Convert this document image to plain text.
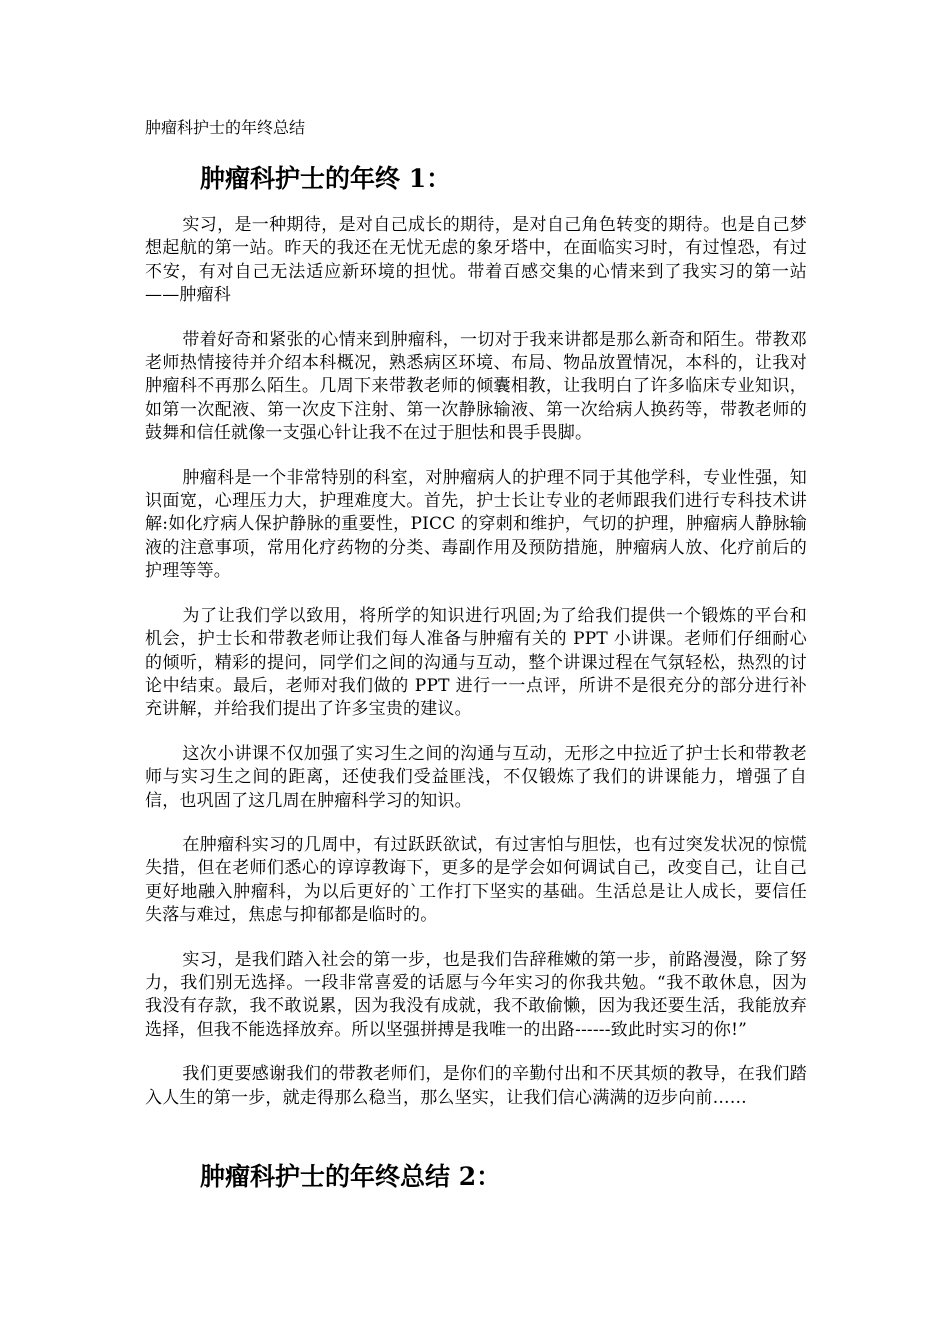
肿瘤科护士的年终总结
肿瘤科护士的年终 1：

实习，是一种期待，是对自己成长的期待，是对自己角色转变的期待。也是自己梦想起航的第一站。昨天的我还在无忧无虑的象牙塔中，在面临实习时，有过惶恐，有过不安，有对自己无法适应新环境的担忧。带着百感交集的心情来到了我实习的第一站——肿瘤科

带着好奇和紧张的心情来到肿瘤科，一切对于我来讲都是那么新奇和陌生。带教邓老师热情接待并介绍本科概况，熟悉病区环境、布局、物品放置情况，本科的，让我对肿瘤科不再那么陌生。几周下来带教老师的倾囊相教，让我明白了许多临床专业知识，如第一次配液、第一次皮下注射、第一次静脉输液、第一次给病人换药等，带教老师的鼓舞和信任就像一支强心针让我不在过于胆怯和畏手畏脚。

肿瘤科是一个非常特别的科室，对肿瘤病人的护理不同于其他学科，专业性强，知识面宽，心理压力大，护理难度大。首先，护士长让专业的老师跟我们进行专科技术讲解:如化疗病人保护静脉的重要性，PICC 的穿刺和维护，气切的护理，肿瘤病人静脉输液的注意事项，常用化疗药物的分类、毒副作用及预防措施，肿瘤病人放、化疗前后的护理等等。

为了让我们学以致用，将所学的知识进行巩固;为了给我们提供一个锻炼的平台和机会，护士长和带教老师让我们每人准备与肿瘤有关的 PPT 小讲课。老师们仔细耐心的倾听，精彩的提问，同学们之间的沟通与互动，整个讲课过程在气氛轻松，热烈的讨论中结束。最后，老师对我们做的 PPT 进行一一点评，所讲不是很充分的部分进行补充讲解，并给我们提出了许多宝贵的建议。

这次小讲课不仅加强了实习生之间的沟通与互动，无形之中拉近了护士长和带教老师与实习生之间的距离，还使我们受益匪浅，不仅锻炼了我们的讲课能力，增强了自信，也巩固了这几周在肿瘤科学习的知识。

在肿瘤科实习的几周中，有过跃跃欲试，有过害怕与胆怯，也有过突发状况的惊慌失措，但在老师们悉心的谆谆教诲下，更多的是学会如何调试自己，改变自己，让自己更好地融入肿瘤科，为以后更好的`工作打下坚实的基础。生活总是让人成长，要信任失落与难过，焦虑与抑郁都是临时的。

实习，是我们踏入社会的第一步，也是我们告辞稚嫩的第一步，前路漫漫，除了努力，我们别无选择。一段非常喜爱的话愿与今年实习的你我共勉。“我不敢休息，因为我没有存款，我不敢说累，因为我没有成就，我不敢偷懒，因为我还要生活，我能放弃选择，但我不能选择放弃。所以坚强拼搏是我唯一的出路------致此时实习的你!”

我们更要感谢我们的带教老师们，是你们的辛勤付出和不厌其烦的教导，在我们踏入人生的第一步，就走得那么稳当，那么坚实，让我们信心满满的迈步向前……

肿瘤科护士的年终总结 2：
